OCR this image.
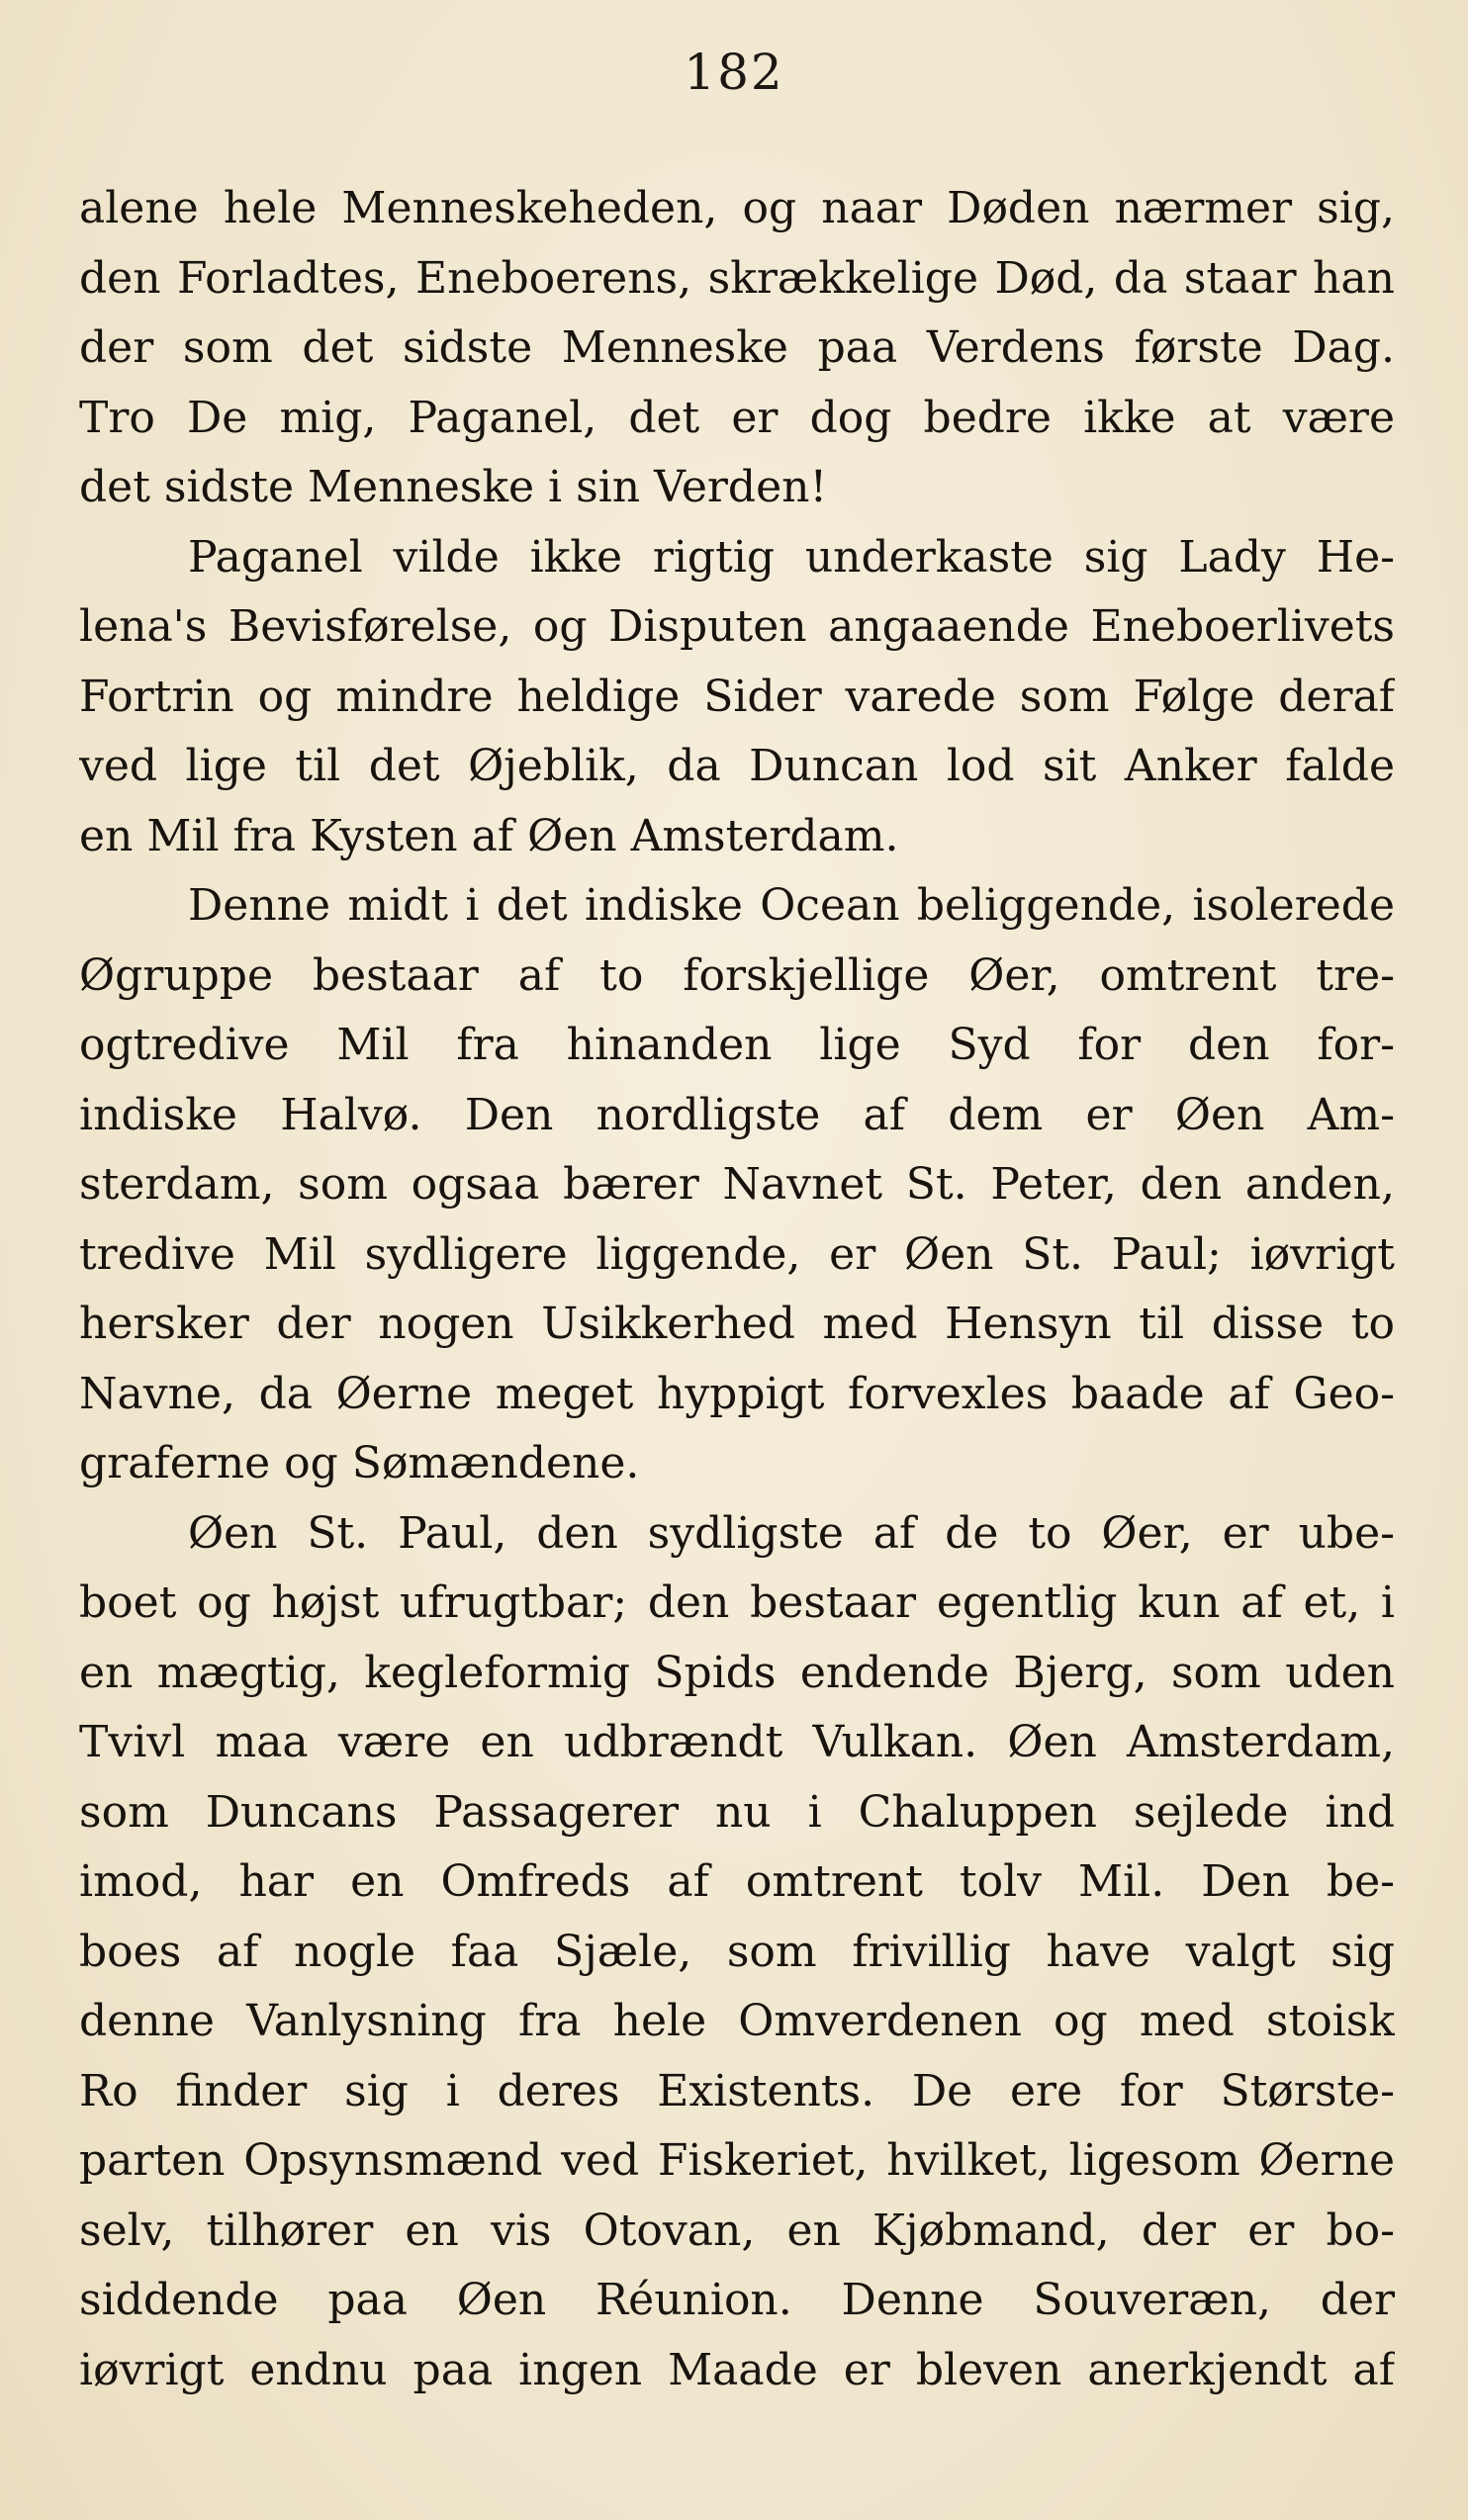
182
alene hele Menneskeheden, og naar Døden nærmer sig,
den Forladtes, Eneboerens, skrækkelige Død, da staar han
der som det sidste Menneske paa Verdens første Dag.
Tro De mig, Paganel, det er dog bedre ikke at være
det sidste Menneske i sin Verden!
Paganel vilde ikke rigtig underkaste sig Lady He-
lena's Bevisførelse, og Disputen angaaende Eneboerlivets
Fortrin og mindre heldige Sider varede som Følge deraf
ved lige til det Øjeblik, da Duncan lod sit Anker falde
en Mil fra Kysten af Øen Amsterdam.
Denne midt i det indiske Ocean beliggende, isolerede
Øgruppe bestaar af to forskjellige Øer, omtrent tre-
ogtredive Mil fra hinanden lige Syd for den for-
indiske Halvø. Den nordligste af dem er Øen Am-
sterdam, som ogsaa bærer Navnet St. Peter, den anden,
tredive Mil sydligere liggende, er Øen St. Paul; iøvrigt
hersker der nogen Usikkerhed med Hensyn til disse to
Navne, da Øerne meget hyppigt forvexles baade af Geo-
graferne og Sømændene.
Øen St. Paul, den sydligste af de to Øer, er ube-
boet og højst ufrugtbar; den bestaar egentlig kun af et, i
en mægtig, kegleformig Spids endende Bjerg, som uden
Tvivl maa være en udbrændt Vulkan. Øen Amsterdam,
som Duncans Passagerer nu i Chaluppen sejlede ind
imod, har en Omfreds af omtrent tolv Mil. Den be-
boes af nogle faa Sjæle, som frivillig have valgt sig
denne Vanlysning fra hele Omverdenen og med stoisk
Ro finder sig i deres Existents. De ere for Største-
parten Opsynsmænd ved Fiskeriet, hvilket, ligesom Øerne
selv, tilhører en vis Otovan, en Kjøbmand, der er bo-
siddende paa Øen Réunion. Denne Souveræn, der
iøvrigt endnu paa ingen Maade er bleven anerkjendt af
